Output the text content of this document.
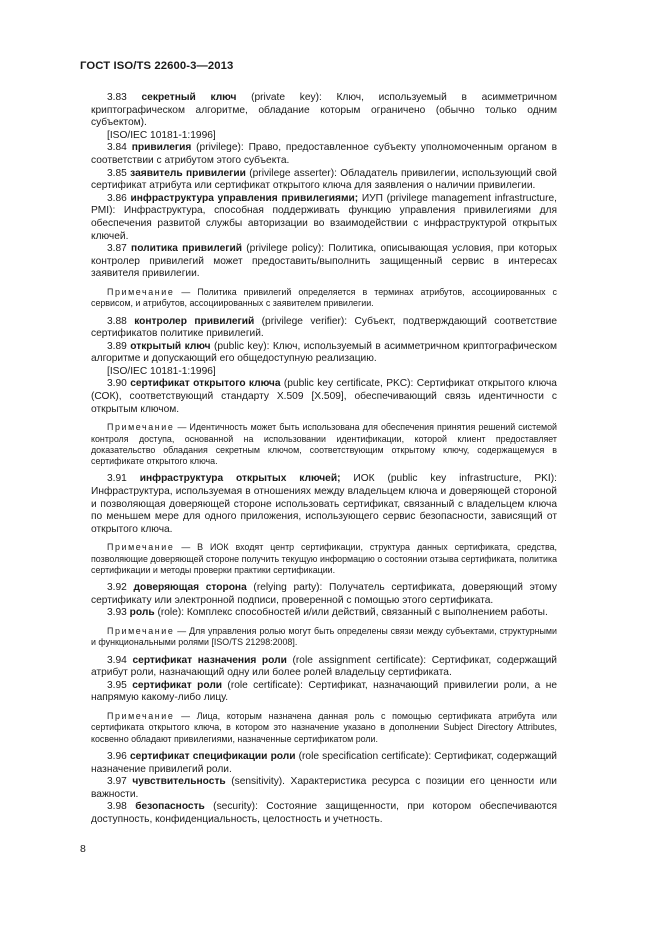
ГОСТ ISO/TS 22600-3—2013

3.83 секретный ключ (private key): Ключ, используемый в асимметричном криптографическом алгоритме, обладание которым ограничено (обычно только одним субъектом).

[ISO/IEC 10181-1:1996]

3.84 привилегия (privilege): Право, предоставленное субъекту уполномоченным органом в соответствии с атрибутом этого субъекта.

3.85 заявитель привилегии (privilege asserter): Обладатель привилегии, использующий свой сертификат атрибута или сертификат открытого ключа для заявления о наличии привилегии.

3.86 инфраструктура управления привилегиями; ИУП (privilege management infrastructure, PMI): Инфраструктура, способная поддерживать функцию управления привилегиями для обеспечения развитой службы авторизации во взаимодействии с инфраструктурой открытых ключей.

3.87 политика привилегий (privilege policy): Политика, описывающая условия, при которых контролер привилегий может предоставить/выполнить защищенный сервис в интересах заявителя привилегии.

Примечание — Политика привилегий определяется в терминах атрибутов, ассоциированных с сервисом, и атрибутов, ассоциированных с заявителем привилегии.

3.88 контролер привилегий (privilege verifier): Субъект, подтверждающий соответствие сертификатов политике привилегий.

3.89 открытый ключ (public key): Ключ, используемый в асимметричном криптографическом алгоритме и допускающий его общедоступную реализацию.

[ISO/IEC 10181-1:1996]

3.90 сертификат открытого ключа (public key certificate, PKC): Сертификат открытого ключа (СОК), соответствующий стандарту X.509 [X.509], обеспечивающий связь идентичности с открытым ключом.

Примечание — Идентичность может быть использована для обеспечения принятия решений системой контроля доступа, основанной на использовании идентификации, которой клиент предоставляет доказательство обладания секретным ключом, соответствующим открытому ключу, содержащемуся в сертификате открытого ключа.

3.91 инфраструктура открытых ключей; ИОК (public key infrastructure, PKI): Инфраструктура, используемая в отношениях между владельцем ключа и доверяющей стороной и позволяющая доверяющей стороне использовать сертификат, связанный с владельцем ключа по меньшем мере для одного приложения, использующего сервис безопасности, зависящий от открытого ключа.

Примечание — В ИОК входят центр сертификации, структура данных сертификата, средства, позволяющие доверяющей стороне получить текущую информацию о состоянии отзыва сертификата, политика сертификации и методы проверки практики сертификации.

3.92 доверяющая сторона (relying party): Получатель сертификата, доверяющий этому сертификату или электронной подписи, проверенной с помощью этого сертификата.

3.93 роль (role): Комплекс способностей и/или действий, связанный с выполнением работы.

Примечание — Для управления ролью могут быть определены связи между субъектами, структурными и функциональными ролями [ISO/TS 21298:2008].

3.94 сертификат назначения роли (role assignment certificate): Сертификат, содержащий атрибут роли, назначающий одну или более ролей владельцу сертификата.

3.95 сертификат роли (role certificate): Сертификат, назначающий привилегии роли, а не напрямую какому-либо лицу.

Примечание — Лица, которым назначена данная роль с помощью сертификата атрибута или сертификата открытого ключа, в котором это назначение указано в дополнении Subject Directory Attributes, косвенно обладают привилегиями, назначенные сертификатом роли.

3.96 сертификат спецификации роли (role specification certificate): Сертификат, содержащий назначение привилегий роли.

3.97 чувствительность (sensitivity). Характеристика ресурса с позиции его ценности или важности.

3.98 безопасность (security): Состояние защищенности, при котором обеспечиваются доступность, конфиденциальность, целостность и учетность.

8
